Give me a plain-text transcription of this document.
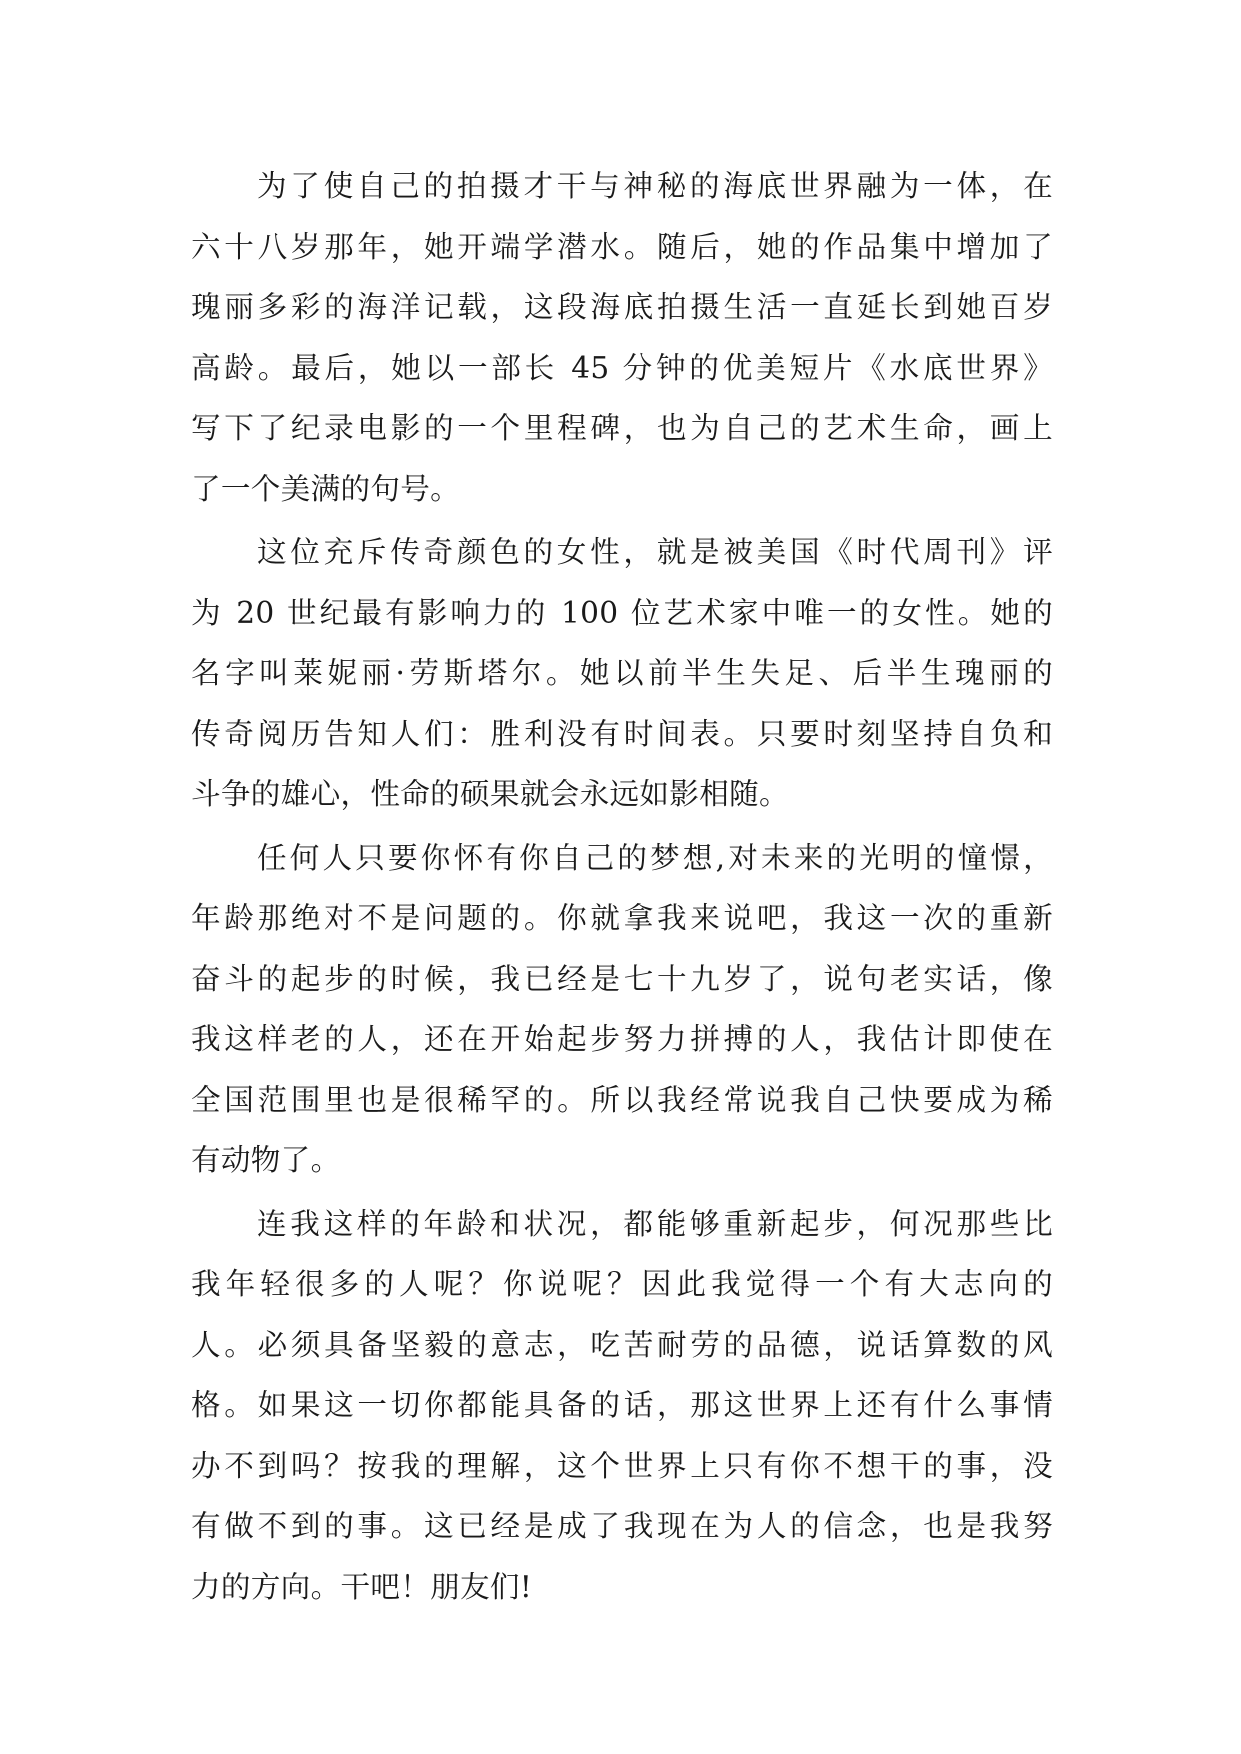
为了使自己的拍摄才干与神秘的海底世界融为一体，在
六十八岁那年，她开端学潜水。随后，她的作品集中增加了
瑰丽多彩的海洋记载，这段海底拍摄生活一直延长到她百岁
高龄。最后，她以一部长 45 分钟的优美短片《水底世界》
写下了纪录电影的一个里程碑，也为自己的艺术生命，画上
了一个美满的句号。

这位充斥传奇颜色的女性，就是被美国《时代周刊》评
为 20 世纪最有影响力的 100 位艺术家中唯一的女性。她的
名字叫莱妮丽·劳斯塔尔。她以前半生失足、后半生瑰丽的
传奇阅历告知人们：胜利没有时间表。只要时刻坚持自负和
斗争的雄心，性命的硕果就会永远如影相随。

任何人只要你怀有你自己的梦想,对未来的光明的憧憬，
年龄那绝对不是问题的。你就拿我来说吧，我这一次的重新
奋斗的起步的时候，我已经是七十九岁了，说句老实话，像
我这样老的人，还在开始起步努力拼搏的人，我估计即使在
全国范围里也是很稀罕的。所以我经常说我自己快要成为稀
有动物了。

连我这样的年龄和状况，都能够重新起步，何况那些比
我年轻很多的人呢？你说呢？因此我觉得一个有大志向的
人。必须具备坚毅的意志，吃苦耐劳的品德，说话算数的风
格。如果这一切你都能具备的话，那这世界上还有什么事情
办不到吗？按我的理解，这个世界上只有你不想干的事，没
有做不到的事。这已经是成了我现在为人的信念，也是我努
力的方向。干吧！朋友们!
